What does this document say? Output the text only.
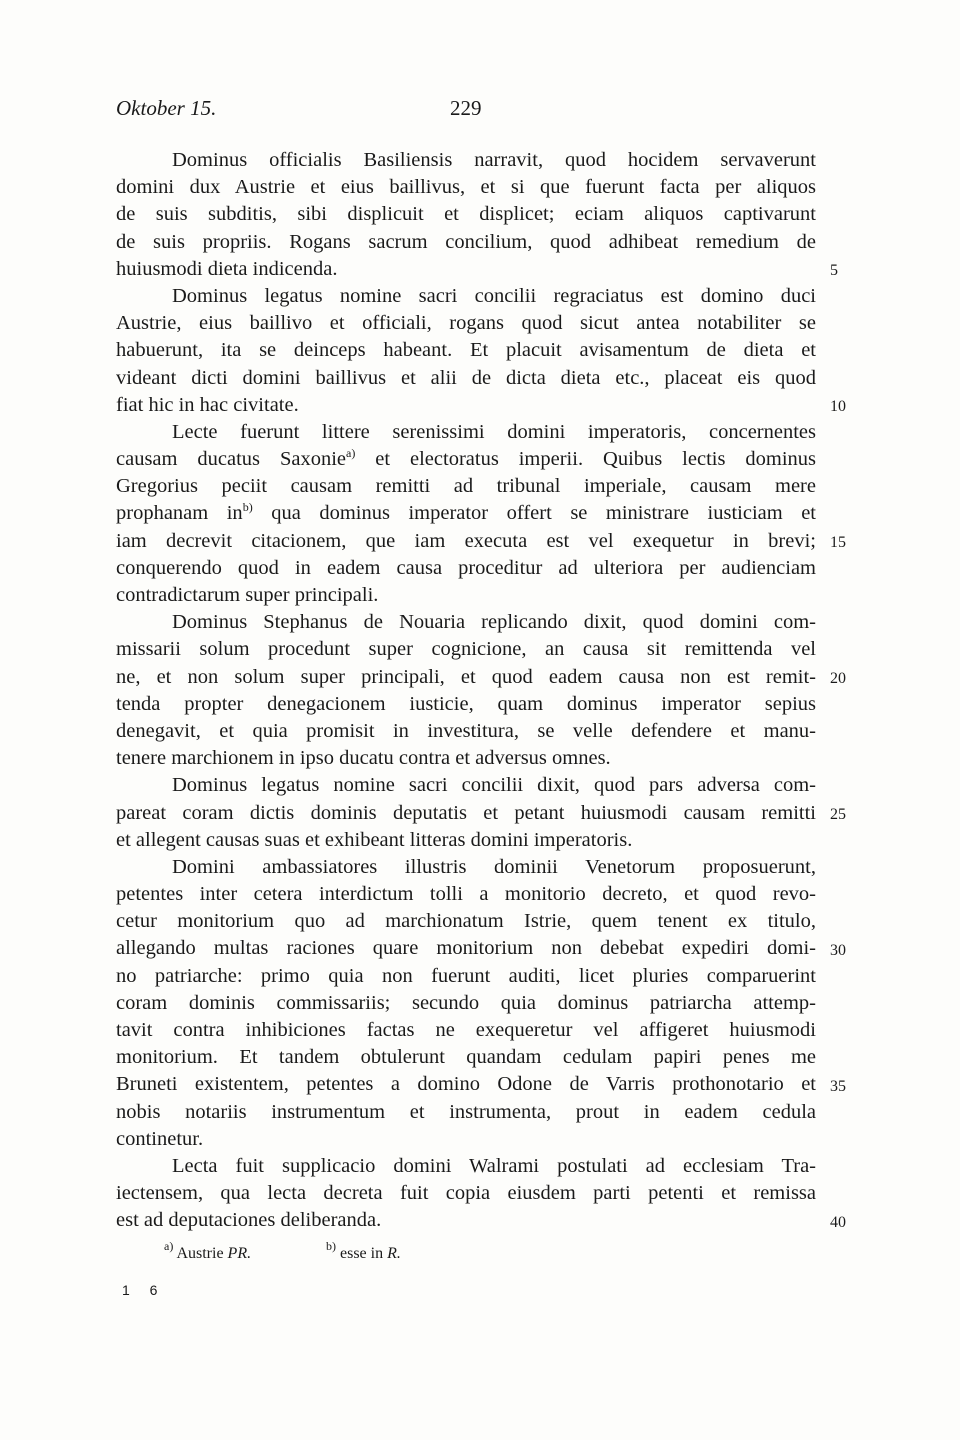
Oktober 15.	229
Dominus officialis Basiliensis narravit, quod hocidem servaverunt
domini dux Austrie et eius baillivus, et si que fuerunt facta per aliquos
de suis subditis, sibi displicuit et displicet; eciam aliquos captivarunt
de suis propriis. Rogans sacrum concilium, quod adhibeat remedium de
huiusmodi dieta indicenda.
Dominus legatus nomine sacri concilii regraciatus est domino duci
Austrie, eius baillivo et officiali, rogans quod sicut antea notabiliter se
habuerunt, ita se deinceps habeant. Et placuit avisamentum de dieta et
videant dicti domini baillivus et alii de dicta dieta etc., placeat eis quod
fiat hic in hac civitate.
Lecte fuerunt littere serenissimi domini imperatoris, concernentes
causam ducatus Saxonie$^{a)}$ et electoratus imperii. Quibus lectis dominus
Gregorius peciit causam remitti ad tribunal imperiale, causam mere
prophanam $in^{b)}$ qua dominus imperator offert se ministrare iusticiam et
iam decrevit citacionem, que iam executa est vel exequetur in brevi;
conquerendo quod in eadem causa proceditur ad ulteriora per audienciam
contradictarum super principali.
Dominus Stephanus de Nouaria replicando dixit, quod domini com-
missarii solum procedunt super cognicione, an causa sit remittenda vel
ne, et non solum super principali, et quod eadem causa non est remit-
tenda propter denegacionem iusticie, quam dominus imperator sepius
denegavit, et quia promisit in investitura, se velle defendere et manu-
tenere marchionem in ipso ducatu contra et adversus omnes.
Dominus legatus nomine sacri concilii dixit, quod pars adversa com-
pareat coram dictis dominis deputatis et petant huiusmodi causam remitti
et allegent causas suas et exhibeant litteras domini imperatoris.
Domini ambassiatores illustris dominii Venetorum proposuerunt,
petentes inter cetera interdictum tolli a monitorio decreto, et quod revo-
cetur monitorium quo ad marchionatum Istrie, quem tenent ex titulo,
allegando multas raciones quare monitorium non debebat expediri domi-
no patriarche: primo quia non fuerunt auditi, licet pluries comparuerint
coram dominis commissariis; secundo quia dominus patriarcha attemp-
tavit contra inhibiciones factas ne exequeretur vel affigeret huiusmodi
monitorium. Et tandem obtulerunt quandam cedulam papiri penes me
Bruneti existentem, petentes a domino Odone de Varris prothonotario et
nobis notariis instrumentum et instrumenta, prout in eadem cedula
continetur.
Lecta fuit supplicacio domini Walrami postulati ad ecclesiam Tra-
iectensem, qua lecta decreta fuit copia eiusdem parti petenti et remissa
est ad deputaciones deliberanda.
5
10
15
20
25
30
35
40
$^{a)}$ Austrie PR.	$^{b)}$ esse in R.
1 6
